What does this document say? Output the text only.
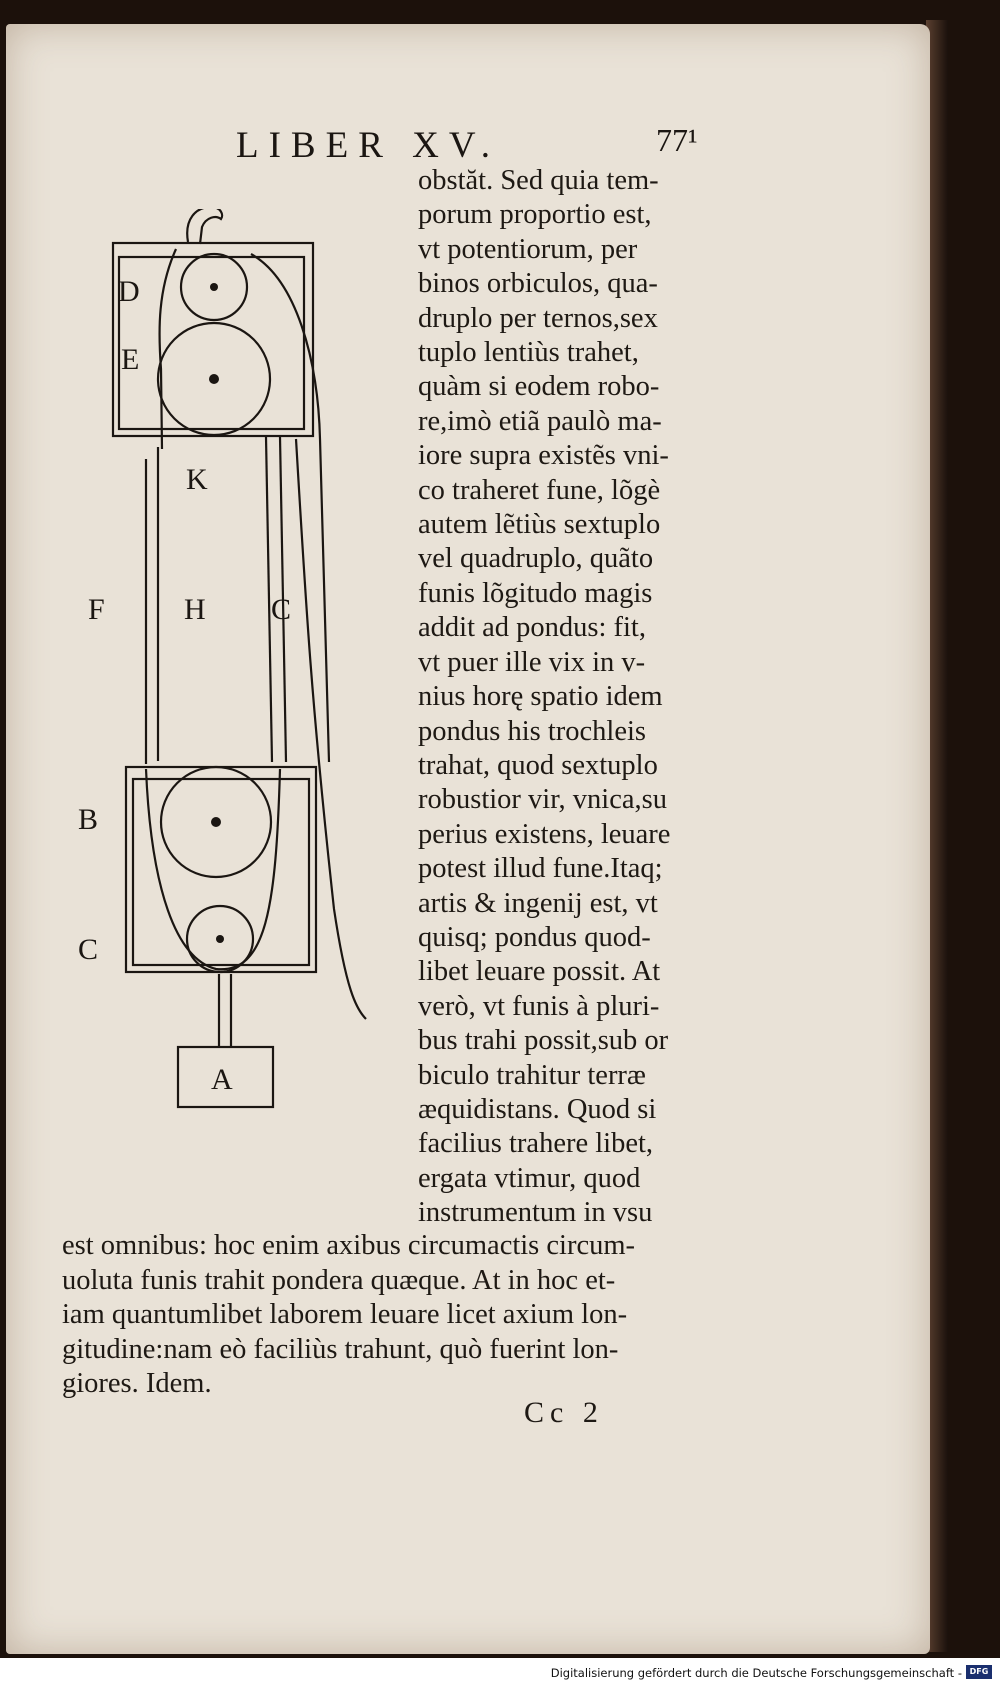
LIBER XV.	77¹
D
E
K
F	H C
B
C
A
obstăt. Sed quia tem-
porum proportio est,
vt potentiorum, per
binos orbiculos, qua-
druplo per ternos,sex
tuplo lentiùs trahet,
quàm si eodem robo-
re,imò etiã paulò ma-
iore supra existẽs vni-
co traheret fune, lõgè
autem lẽtiùs sextuplo
vel quadruplo, quãto
funis lõgitudo magis
addit ad pondus: fit,
vt puer ille vix in v-
nius horę spatio idem
pondus his trochleis
trahat, quod sextuplo
robustior vir, vnica,su
perius existens, leuare
potest illud fune.Itaq;
artis & ingenij est, vt
quisq; pondus quod-
libet leuare possit. At
verò, vt funis à pluri-
bus trahi possit,sub or
biculo trahitur terræ
æquidistans. Quod si
facilius trahere libet,
ergata vtimur, quod
instrumentum in vsu
est omnibus: hoc enim axibus circumactis circum-
uoluta funis trahit pondera quæque. At in hoc et-
iam quantumlibet laborem leuare licet axium lon-
gitudine:nam eò faciliùs trahunt, quò fuerint lon-
giores. Idem.
Cc 2
Digitalisierung gefördert durch die Deutsche Forschungsgemeinschaft - DFG
